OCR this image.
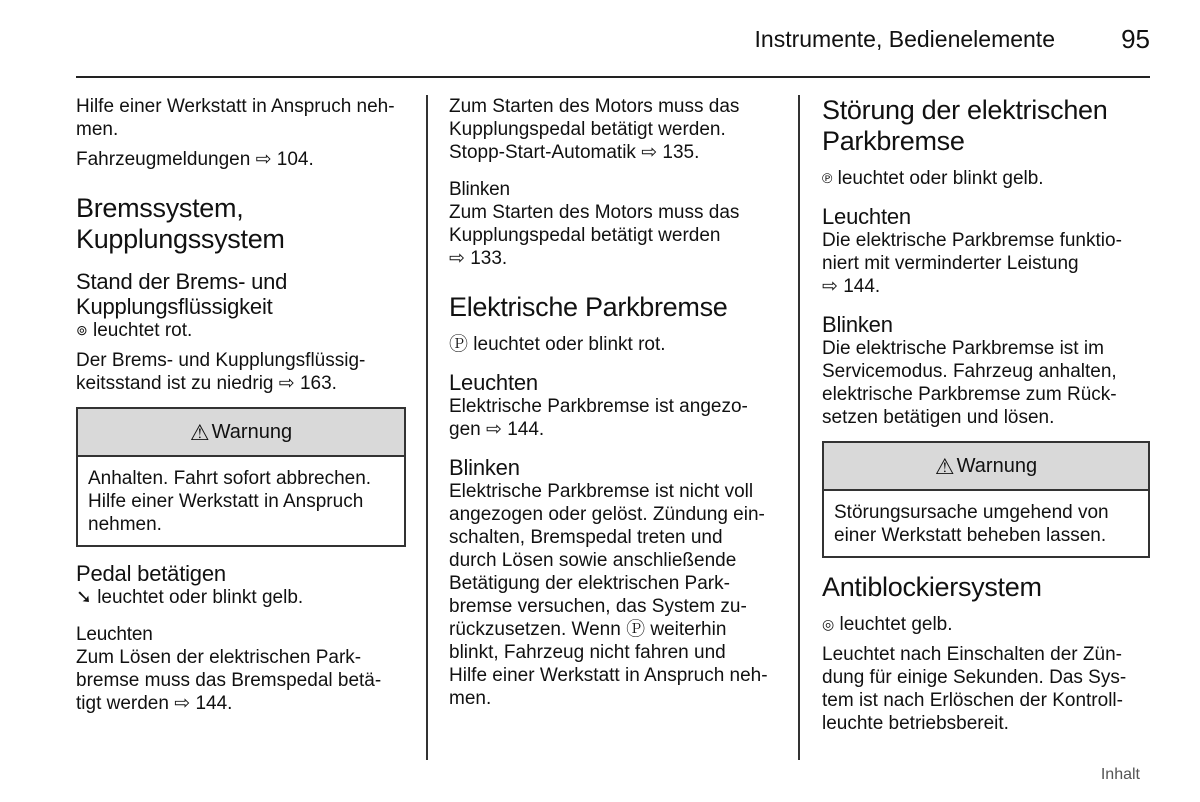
Instrumente, Bedienelemente	95

Hilfe einer Werkstatt in Anspruch neh-
men.

Fahrzeugmeldungen ⇨ 104.

Bremssystem,
Kupplungssystem
Stand der Brems- und
Kupplungsflüssigkeit

⊚ leuchtet rot.

Der Brems- und Kupplungsflüssig-
keitsstand ist zu niedrig ⇨ 163.

⚠ Warnung
Anhalten. Fahrt sofort abbrechen.
Hilfe einer Werkstatt in Anspruch
nehmen.
Pedal betätigen

➘ leuchtet oder blinkt gelb.

Leuchten

Zum Lösen der elektrischen Park-
bremse muss das Bremspedal betä-
tigt werden ⇨ 144.

Zum Starten des Motors muss das
Kupplungspedal betätigt werden.
Stopp-Start-Automatik ⇨ 135.

Blinken

Zum Starten des Motors muss das
Kupplungspedal betätigt werden
⇨ 133.

Elektrische Parkbremse

Ⓟ leuchtet oder blinkt rot.

Leuchten

Elektrische Parkbremse ist angezo-
gen ⇨ 144.

Blinken

Elektrische Parkbremse ist nicht voll
angezogen oder gelöst. Zündung ein-
schalten, Bremspedal treten und
durch Lösen sowie anschließende
Betätigung der elektrischen Park-
bremse versuchen, das System zu-
rückzusetzen. Wenn Ⓟ weiterhin
blinkt, Fahrzeug nicht fahren und
Hilfe einer Werkstatt in Anspruch neh-
men.

Störung der elektrischen
Parkbremse

℗ leuchtet oder blinkt gelb.

Leuchten

Die elektrische Parkbremse funktio-
niert mit verminderter Leistung
⇨ 144.

Blinken

Die elektrische Parkbremse ist im
Servicemodus. Fahrzeug anhalten,
elektrische Parkbremse zum Rück-
setzen betätigen und lösen.

⚠ Warnung
Störungsursache umgehend von
einer Werkstatt beheben lassen.
Antiblockiersystem

◎ leuchtet gelb.

Leuchtet nach Einschalten der Zün-
dung für einige Sekunden. Das Sys-
tem ist nach Erlöschen der Kontroll-
leuchte betriebsbereit.

Inhalt
